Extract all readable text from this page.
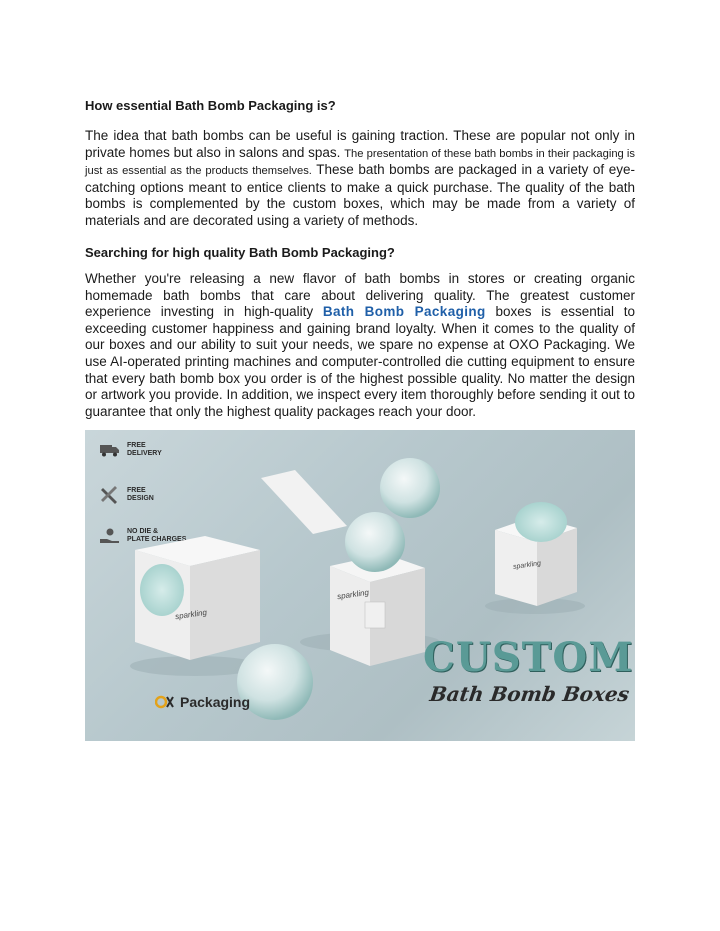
How essential Bath Bomb Packaging is?

The idea that bath bombs can be useful is gaining traction. These are popular not only in private homes but also in salons and spas. The presentation of these bath bombs in their packaging is just as essential as the products themselves. These bath bombs are packaged in a variety of eye-catching options meant to entice clients to make a quick purchase. The quality of the bath bombs is complemented by the custom boxes, which may be made from a variety of materials and are decorated using a variety of methods.

Searching for high quality Bath Bomb Packaging?

Whether you're releasing a new flavor of bath bombs in stores or creating organic homemade bath bombs that care about delivering quality. The greatest customer experience investing in high-quality Bath Bomb Packaging boxes is essential to exceeding customer happiness and gaining brand loyalty. When it comes to the quality of our boxes and our ability to suit your needs, we spare no expense at OXO Packaging. We use AI-operated printing machines and computer-controlled die cutting equipment to ensure that every bath bomb box you order is of the highest possible quality. No matter the design or artwork you provide. In addition, we inspect every item thoroughly before sending it out to guarantee that only the highest quality packages reach your door.

FREE
DELIVERY
FREE
DESIGN
NO DIE &
PLATE CHARGES
sparkling
sparkling
sparkling
CUSTOM
Bath Bomb Boxes
Packaging
